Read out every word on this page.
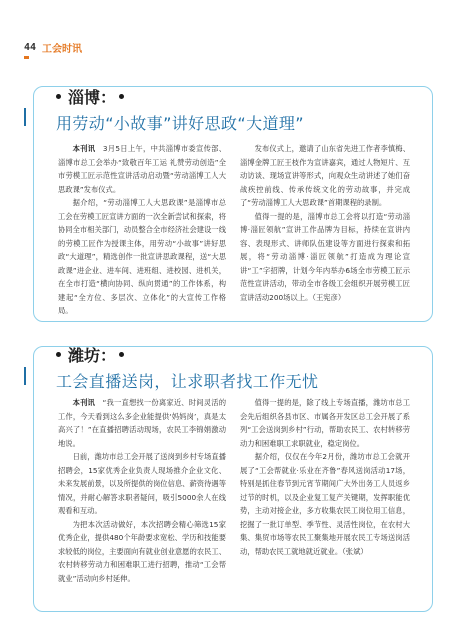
44 工会时讯
淄博：
用劳动“小故事”讲好思政“大道理”

本刊讯　 3月5日上午，中共淄博市委宣传部、淄博市总工会举办“致敬百年工运 礼赞劳动创造”全市劳模工匠示范性宣讲活动启动暨“劳动淄博工人大思政课”发布仪式。

据介绍，“劳动淄博工人大思政课”是淄博市总工会在劳模工匠宣讲方面的一次全新尝试和探索，将协同全市相关部门，动员整合全市经济社会建设一线的劳模工匠作为授课主体，用劳动“小故事”讲好思政“大道理”，精选创作一批宣讲思政课程，送“大思政课”进企业、进车间、进班组、进校园、进机关，在全市打造“横向协同、纵向贯通”的工作体系，构建起“全方位、多层次、立体化”的大宣传工作格局。

发布仪式上，邀请了山东省先进工作者李慎梅、淄博金牌工匠王枝作为宣讲嘉宾，通过人物短片、互动访谈、现场宣讲等形式，向观众生动讲述了她们奋战疾控前线、传承传统文化的劳动故事，并完成了“劳动淄博工人大思政课”首期课程的录制。

值得一提的是，淄博市总工会将以打造“劳动淄博·淄匠领航”宣讲工作品牌为目标，持续在宣讲内容、表现形式、讲师队伍建设等方面进行探索和拓展，将“劳动淄博·淄匠领航”打造成为理论宣讲“工”字招牌，计划今年内举办6场全市劳模工匠示范性宣讲活动，带动全市各级工会组织开展劳模工匠宣讲活动200场以上。（王宪彦）

潍坊：
工会直播送岗，让求职者找工作无忧

本刊讯　 “我一直想找一份离家近、时间灵活的工作，今天看到这么多企业能提供‘妈妈岗’，真是太高兴了！”在直播招聘活动现场，农民工李锦娟激动地说。

日前，潍坊市总工会开展了送岗到乡村专场直播招聘会，15家优秀企业负责人现场推介企业文化、未来发展前景，以及所提供的岗位信息、薪资待遇等情况，并耐心解答求职者疑问，吸引5000余人在线观看和互动。

为把本次活动做好，本次招聘会精心筛选15家优秀企业，提供480个年龄要求宽松、学历和技能要求较低的岗位，主要面向有就业创业意愿的农民工、农村转移劳动力和困难职工进行招聘，推动“工会帮就业”活动向乡村延伸。

值得一提的是，除了线上专场直播，潍坊市总工会先后组织各县市区、市属各开发区总工会开展了系列“工会送岗到乡村”行动，帮助农民工、农村转移劳动力和困难职工求职就业，稳定岗位。

据介绍，仅仅在今年2月份，潍坊市总工会就开展了“工会帮就业·乐业在齐鲁”春风送岗活动17场，特别是抓住春节到元宵节期间广大外出务工人员返乡过节的时机，以及企业复工复产关键期，发挥职能优势，主动对接企业，多方收集农民工岗位用工信息，挖掘了一批订单型、季节性、灵活性岗位，在农村大集、集贸市场等农民工聚集地开展农民工专场送岗活动，帮助农民工就地就近就业。（张斌）
